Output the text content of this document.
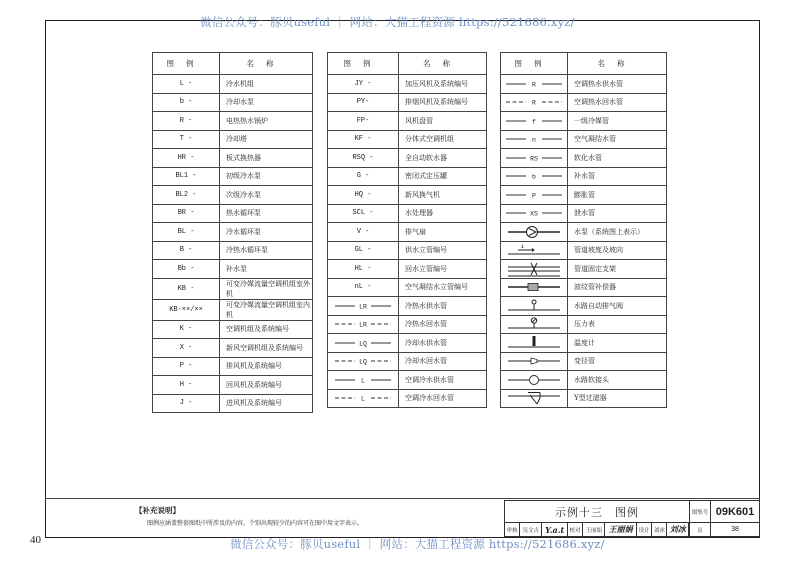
微信公众号：豚贝useful ｜ 网站：大猫工程资源 https://521686.xyz/
图例	名称
L -	冷水机组
b -	冷却水泵
R -	电热热水锅炉
T -	冷却塔
HR -	板式换热器
BL1 -	初级冷水泵
BL2 -	次级冷水泵
BR -	热水循环泵
BL -	冷水循环泵
B -	冷热水循环泵
Bb -	补水泵
KB -	可变冷媒流量空调机组室外机
KB-××/××	可变冷媒流量空调机组室内机
K -	空调机组及系统编号
X -	新风空调机组及系统编号
P -	排风机及系统编号
H -	回风机及系统编号
J -	进风机及系统编号
图例	名称
JY -	加压风机及系统编号
PY-	排烟风机及系统编号
FP-	风机盘管
KF -	分体式空调机组
RSQ -	全自动软水器
G -	密闭式定压罐
HQ -	新风换气机
SCL -	水处理器
V -	排气扇
GL -	供水立管编号
HL -	回水立管编号
nL -	空气凝结水立管编号

LR	冷热水供水管

LR	冷热水回水管

LQ	冷却水供水管

LQ	冷却水回水管

L	空调冷水供水管

L	空调冷水回水管
图例	名称

R	空调热水供水管

R	空调热水回水管

f	一级冷媒管

n	空气凝结水管

RS	软化水管

b	补水管

P	膨胀管

XS	泄水管

	水泵（系统图上表示）

i	管道坡度及坡向

	管道固定支架

	波纹管补偿器

	水路自动排气阀

	压力表

	温度计

	变径管

	水路软接头

	Y型过滤器
【补充说明】
图例应涵盖整套图纸中所涉及的内容，个别出现较少的内容可在图中用文字表示。
示例十三　图例									图集号	09K601
审核	吴文吉	Y.a.t	校对	王丽娟	王丽娟	设计	刘冰	刘冰		页	38
40	微信公众号：豚贝useful ｜ 网站：大猫工程资源 https://521686.xyz/
